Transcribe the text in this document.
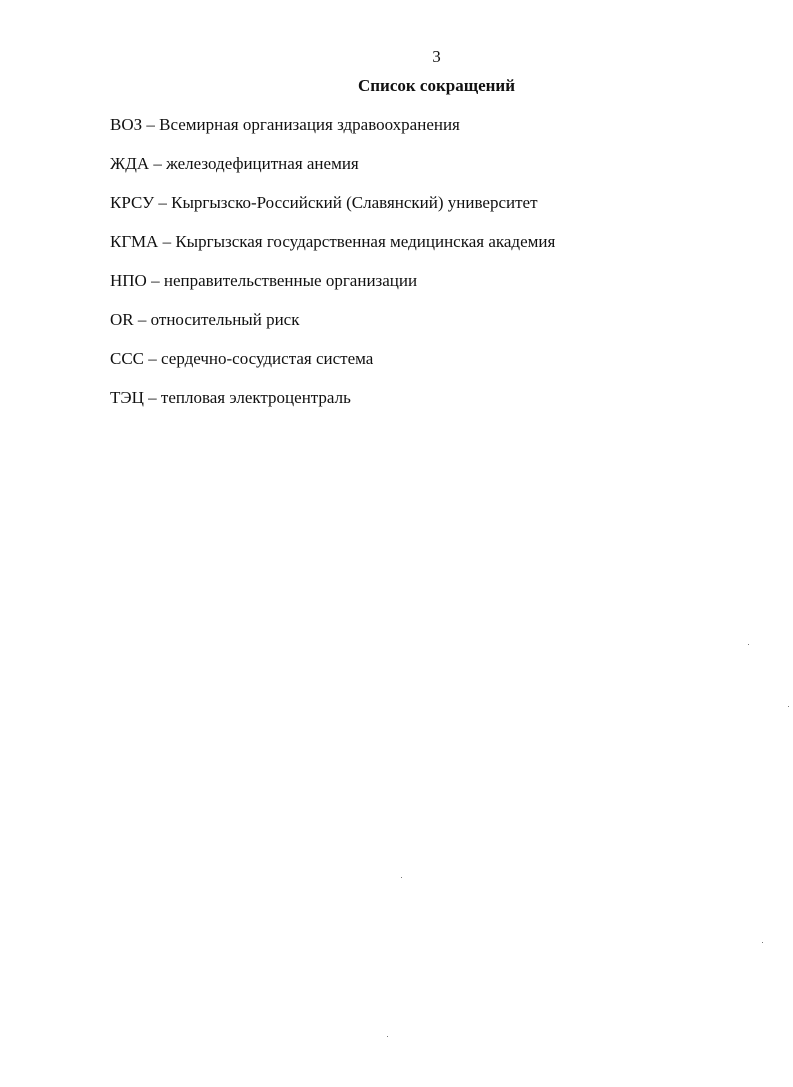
3
Список сокращений
ВОЗ – Всемирная организация здравоохранения
ЖДА – железодефицитная анемия
КРСУ – Кыргызско-Российский (Славянский) университет
КГМА – Кыргызская государственная медицинская академия
НПО – неправительственные организации
OR – относительный риск
ССС – сердечно-сосудистая система
ТЭЦ – тепловая электроцентраль
